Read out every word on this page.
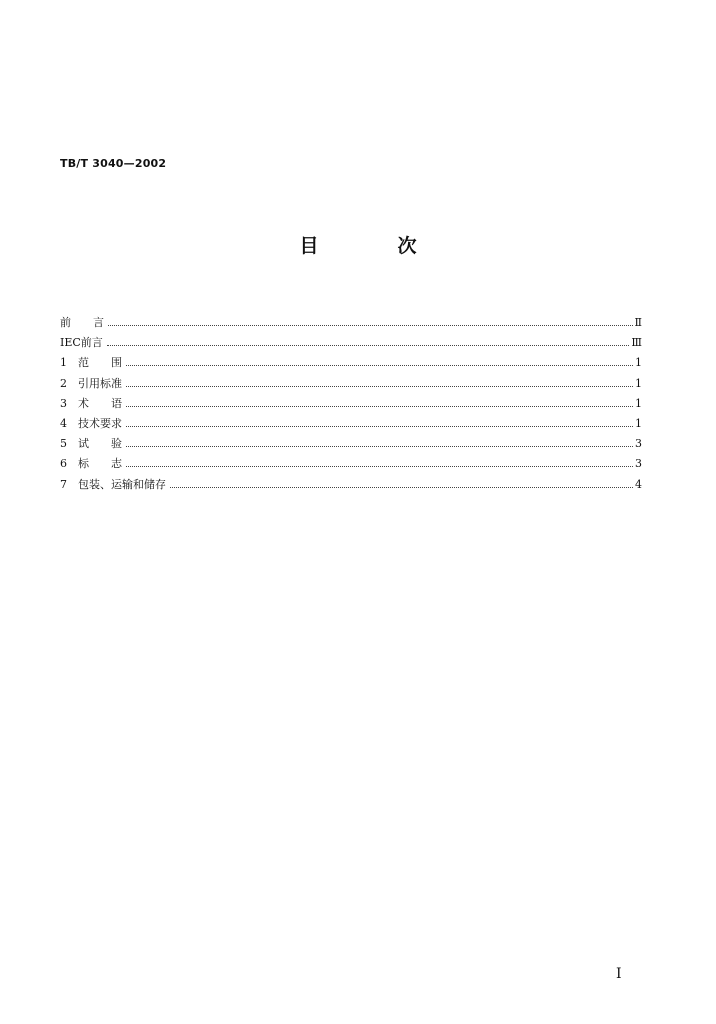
TB/T 3040—2002
目　次
前　　言	Ⅱ
IEC前言	Ⅲ
1	范　　围	1
2	引用标准	1
3	术　　语	1
4	技术要求	1
5	试　　验	3
6	标　　志	3
7	包装、运输和储存	4
I
